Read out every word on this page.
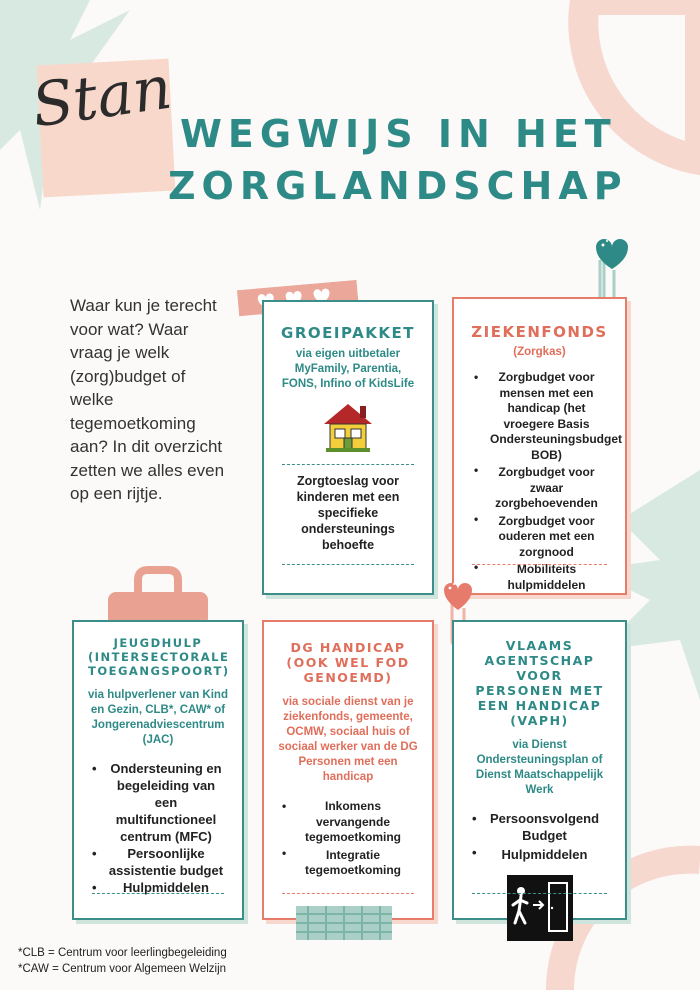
Stan WEGWIJS IN HET
ZORGLANDSCHAP
Waar kun je terecht voor wat? Waar vraag je welk (zorg)budget of welke tegemoetkoming aan? In dit overzicht zetten we alles even op een rijtje.
GROEIPAKKET
via eigen uitbetaler MyFamily, Parentia, FONS, Infino of KidsLife
Zorgtoeslag voor kinderen met een specifieke ondersteunings behoefte
ZIEKENFONDS
(Zorgkas)
• Zorgbudget voor mensen met een handicap (het vroegere Basis Ondersteuningsbudget BOB)
• Zorgbudget voor zwaar zorgbehoevenden
• Zorgbudget voor ouderen met een zorgnood
• Mobiliteits hulpmiddelen
JEUGDHULP (INTERSECTORALE TOEGANGSPOORT)
via hulpverlener van Kind en Gezin, CLB*, CAW* of Jongerenadviescentrum (JAC)
• Ondersteuning en begeleiding van een multifunctioneel centrum (MFC)
• Persoonlijke assistentie budget
• Hulpmiddelen
DG HANDICAP (OOK WEL FOD GENOEMD)
via sociale dienst van je ziekenfonds, gemeente, OCMW, sociaal huis of sociaal werker van de DG Personen met een handicap
• Inkomens vervangende tegemoetkoming
• Integratie tegemoetkoming
VLAAMS AGENTSCHAP VOOR PERSONEN MET EEN HANDICAP (VAPH)
via Dienst Ondersteuningsplan of Dienst Maatschappelijk Werk
• Persoonsvolgend Budget
• Hulpmiddelen
*CLB = Centrum voor leerlingbegeleiding
*CAW = Centrum voor Algemeen Welzijn
